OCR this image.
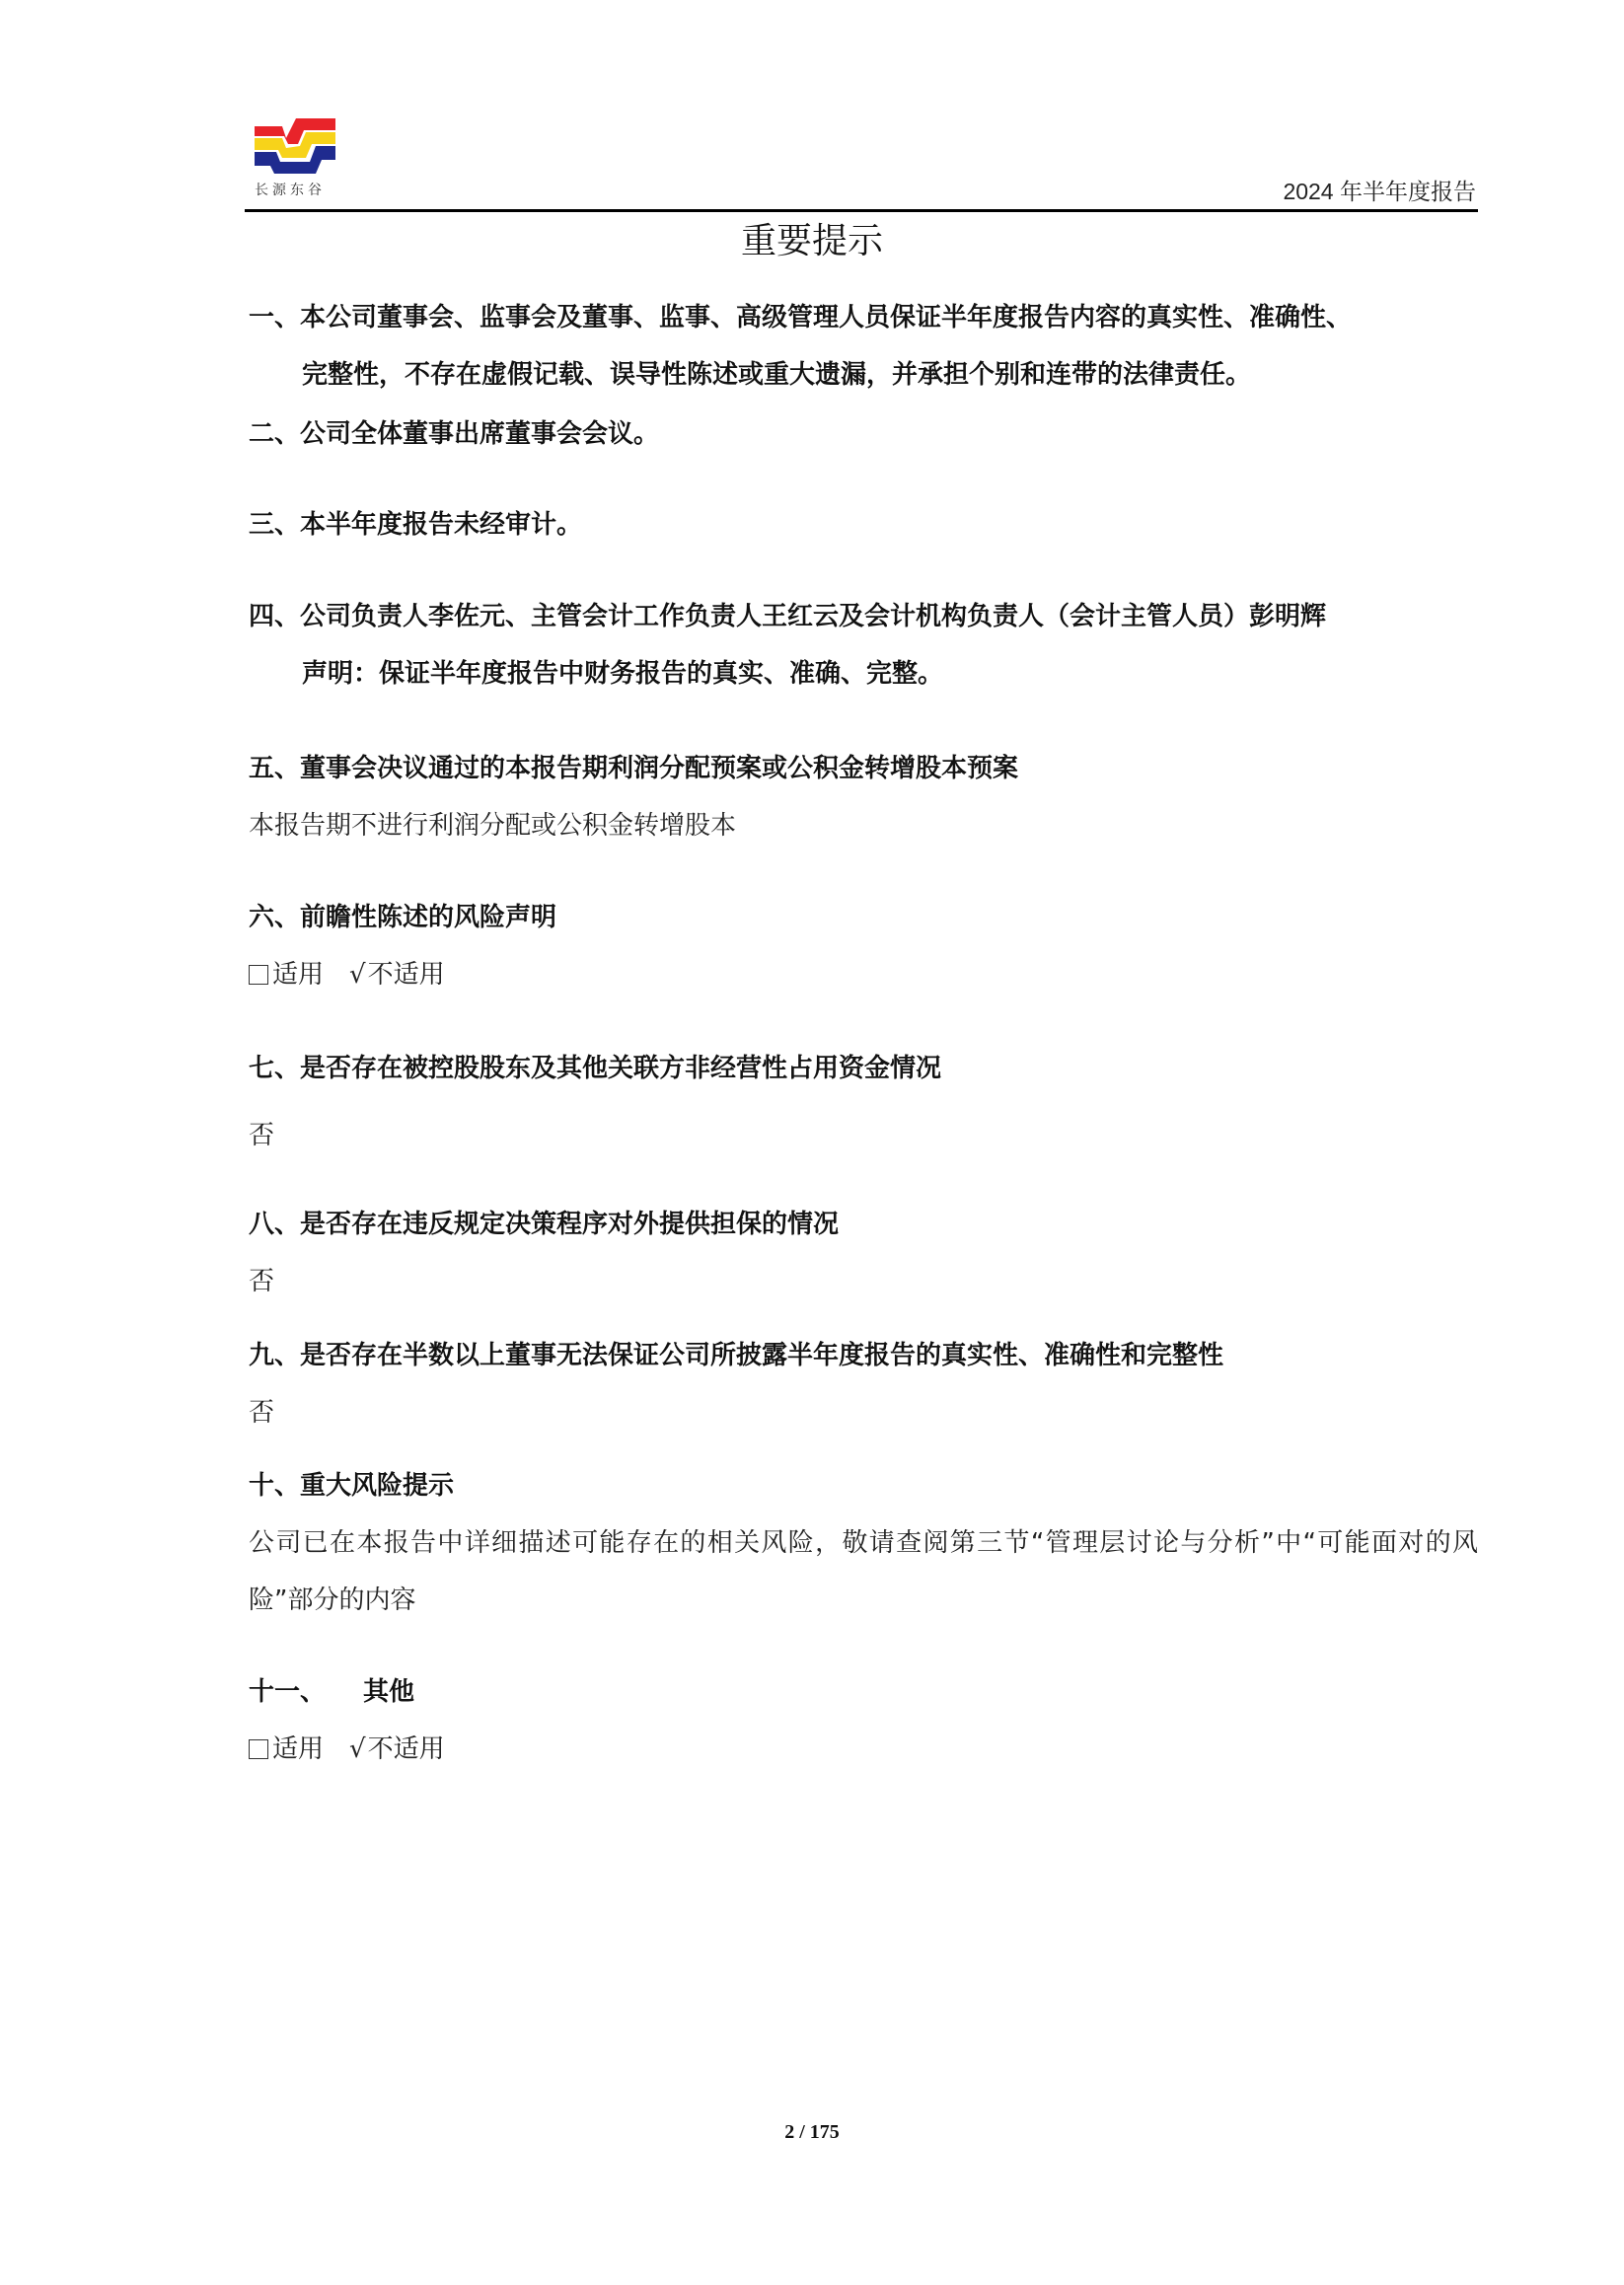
长源东谷	2024 年半年度报告
重要提示

一、本公司董事会、监事会及董事、监事、高级管理人员保证半年度报告内容的真实性、准确性、
完整性，不存在虚假记载、误导性陈述或重大遗漏，并承担个别和连带的法律责任。

二、公司全体董事出席董事会会议。

三、本半年度报告未经审计。

四、公司负责人李佐元、主管会计工作负责人王红云及会计机构负责人（会计主管人员）彭明辉
声明：保证半年度报告中财务报告的真实、准确、完整。

五、董事会决议通过的本报告期利润分配预案或公积金转增股本预案

本报告期不进行利润分配或公积金转增股本

六、前瞻性陈述的风险声明

适用 √不适用

七、是否存在被控股股东及其他关联方非经营性占用资金情况

否

八、是否存在违反规定决策程序对外提供担保的情况

否

九、是否存在半数以上董事无法保证公司所披露半年度报告的真实性、准确性和完整性

否

十、重大风险提示

公司已在本报告中详细描述可能存在的相关风险，敬请查阅第三节“管理层讨论与分析”中“可能面对的风险”部分的内容

十一、 其他

适用 √不适用

2 / 175
